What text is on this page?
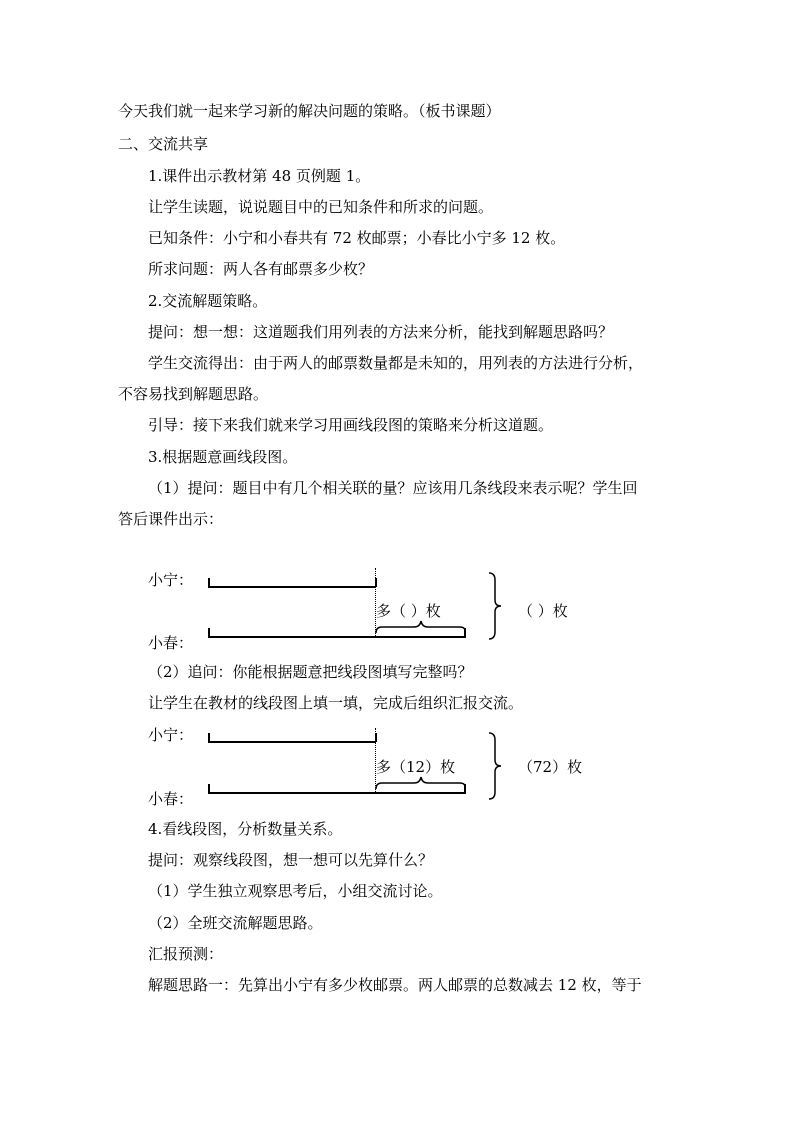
今天我们就一起来学习新的解决问题的策略。（板书课题）
二、交流共享
1.课件出示教材第 48 页例题 1。
让学生读题，说说题目中的已知条件和所求的问题。
已知条件：小宁和小春共有 72 枚邮票；小春比小宁多 12 枚。
所求问题：两人各有邮票多少枚？
2.交流解题策略。
提问：想一想：这道题我们用列表的方法来分析，能找到解题思路吗？
学生交流得出：由于两人的邮票数量都是未知的，用列表的方法进行分析，
不容易找到解题思路。
引导：接下来我们就来学习用画线段图的策略来分析这道题。
3.根据题意画线段图。
（1）提问：题目中有几个相关联的量？应该用几条线段来表示呢？学生回
答后课件出示：
小宁：
多（ ）枚
小春：
（ ）枚
（2）追问：你能根据题意把线段图填写完整吗？
让学生在教材的线段图上填一填，完成后组织汇报交流。
小宁：
多（12）枚
小春：
（72）枚
4.看线段图，分析数量关系。
提问：观察线段图，想一想可以先算什么？
（1）学生独立观察思考后，小组交流讨论。
（2）全班交流解题思路。
汇报预测：
解题思路一：先算出小宁有多少枚邮票。两人邮票的总数减去 12 枚，等于
